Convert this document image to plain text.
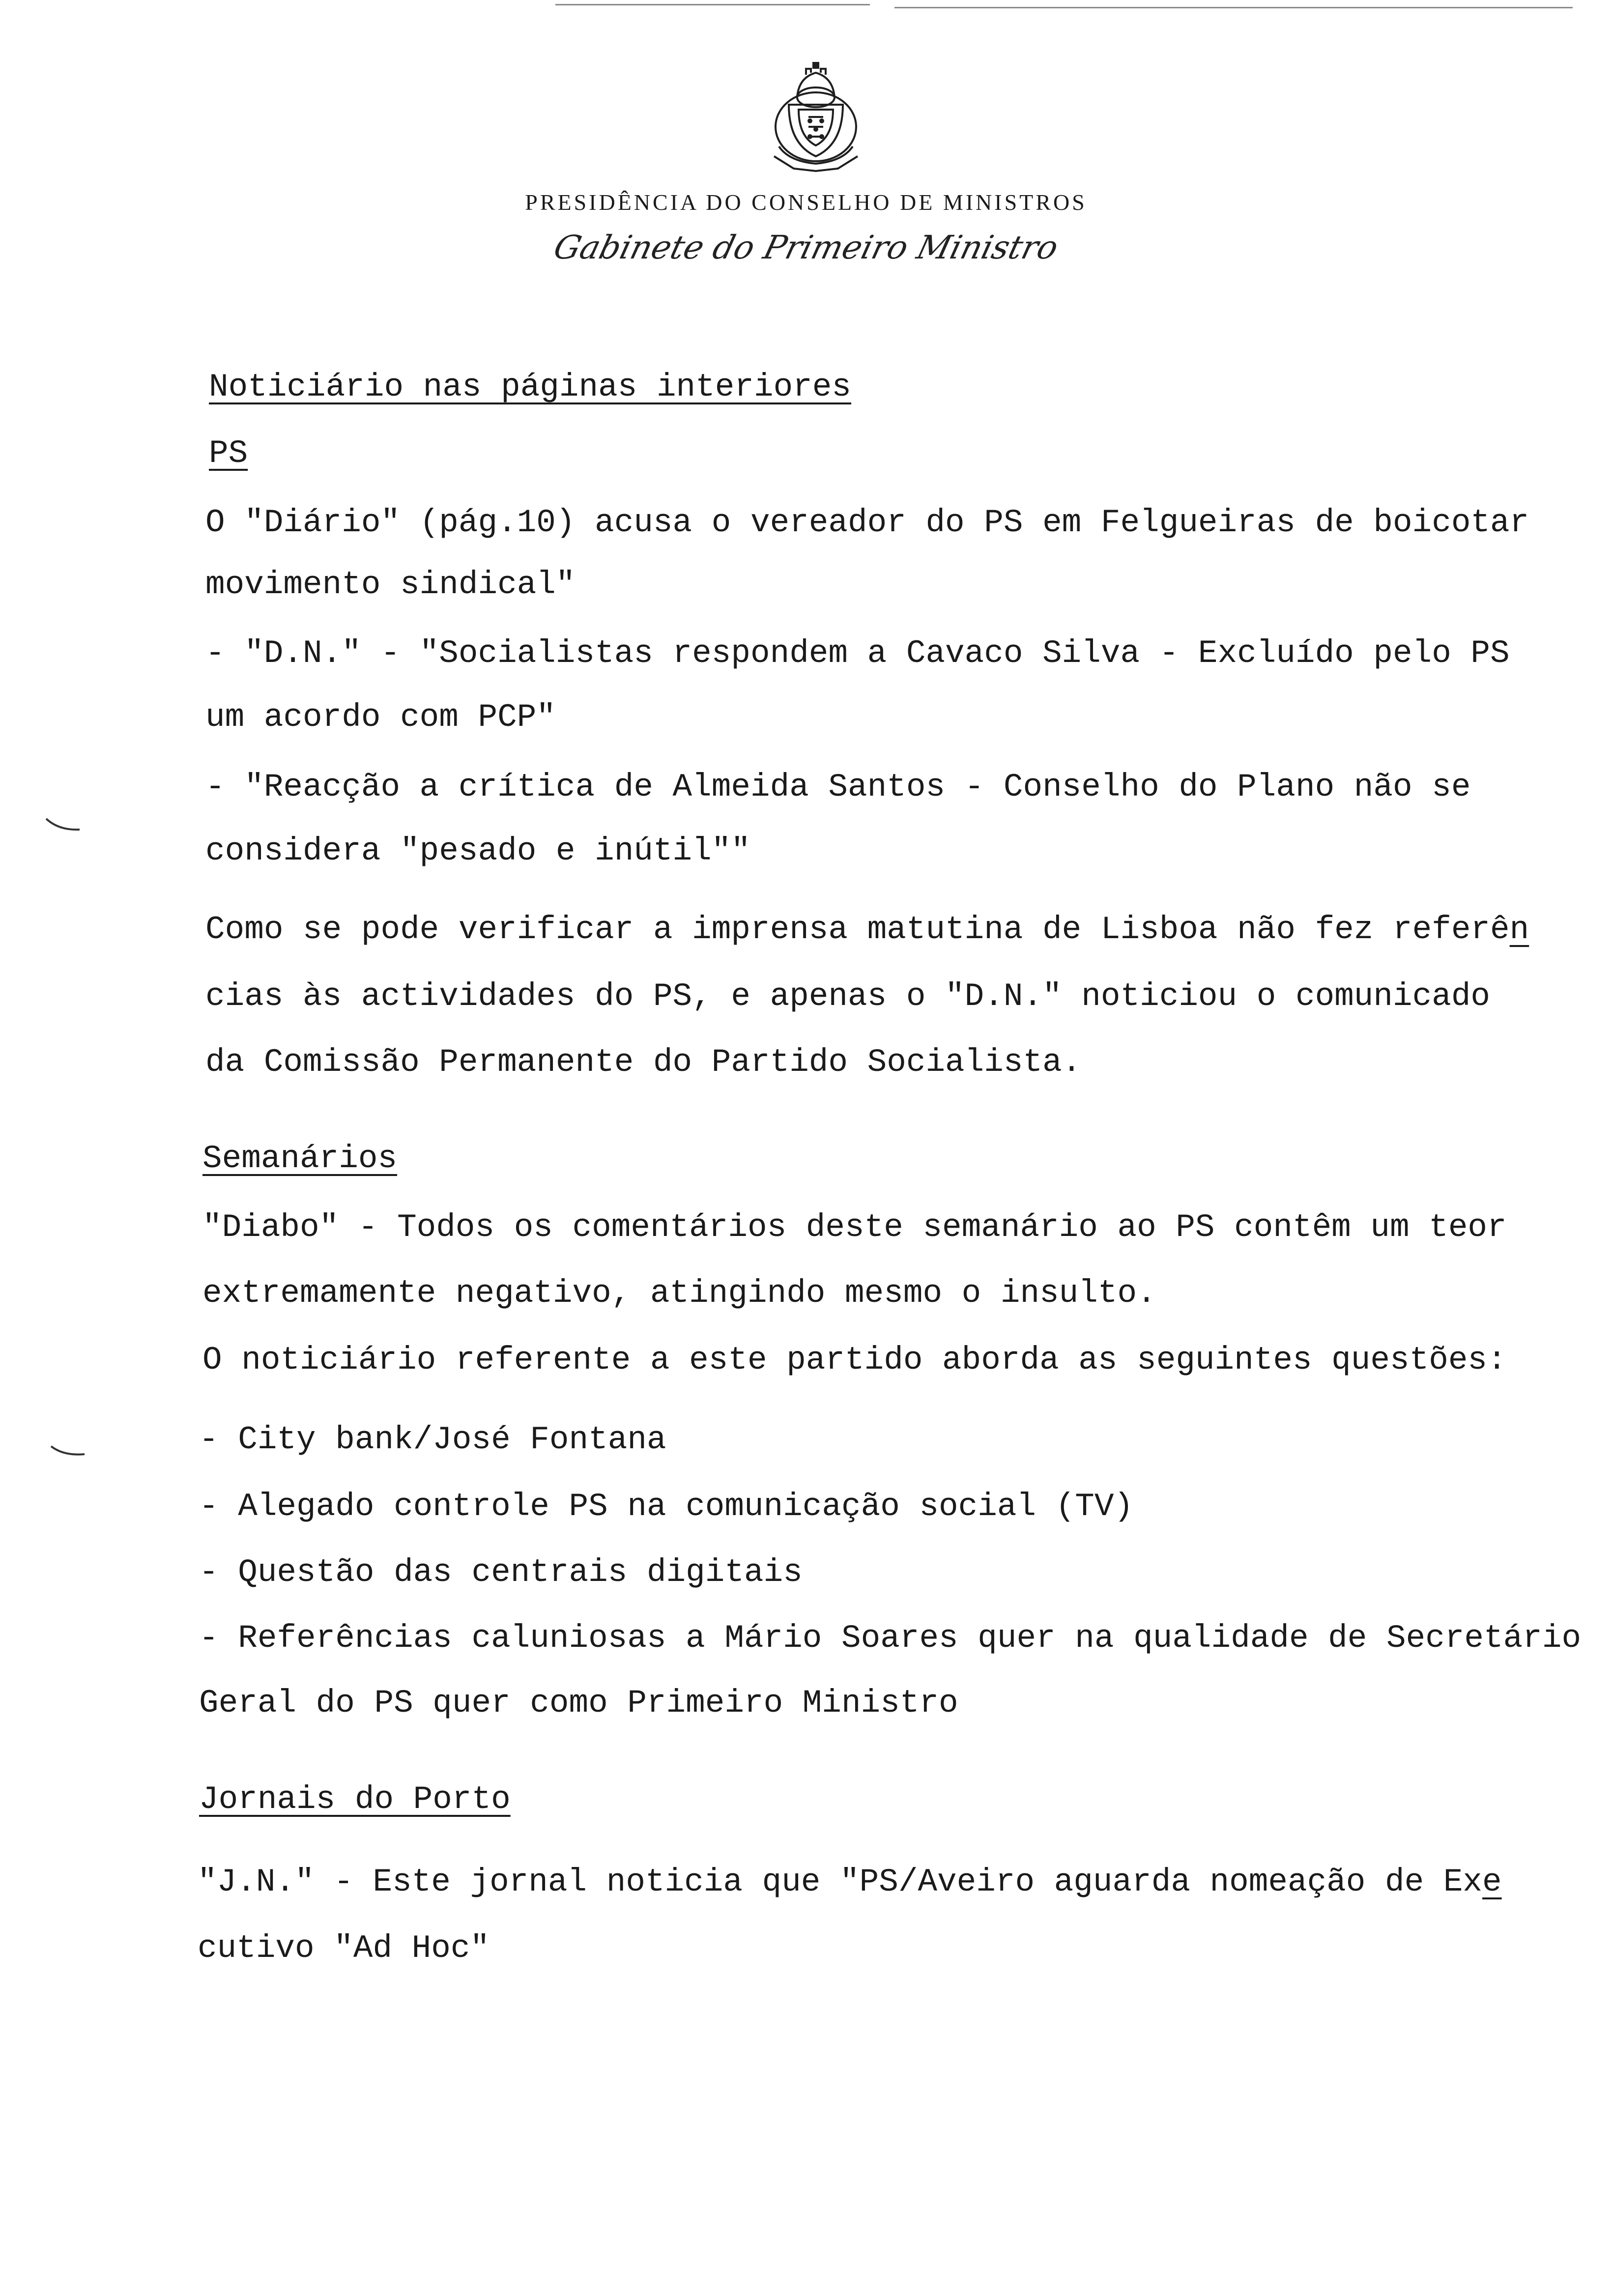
PRESIDÊNCIA DO CONSELHO DE MINISTROS
Gabinete do Primeiro Ministro
Noticiário nas páginas interiores
PS
O "Diário" (pág.10) acusa o vereador do PS em Felgueiras de boicotar
movimento sindical"
- "D.N." - "Socialistas respondem a Cavaco Silva - Excluído pelo PS
um acordo com PCP"
- "Reacção a crítica de Almeida Santos - Conselho do Plano não se
considera "pesado e inútil""
Como se pode verificar a imprensa matutina de Lisboa não fez referên
cias às actividades do PS, e apenas o "D.N." noticiou o comunicado
da Comissão Permanente do Partido Socialista.
Semanários
"Diabo" - Todos os comentários deste semanário ao PS contêm um teor
extremamente negativo, atingindo mesmo o insulto.
O noticiário referente a este partido aborda as seguintes questões:
- City bank/José Fontana
- Alegado controle PS na comunicação social (TV)
- Questão das centrais digitais
- Referências caluniosas a Mário Soares quer na qualidade de Secretário
Geral do PS quer como Primeiro Ministro
Jornais do Porto
"J.N." - Este jornal noticia que "PS/Aveiro aguarda nomeação de Exe
cutivo "Ad Hoc"
